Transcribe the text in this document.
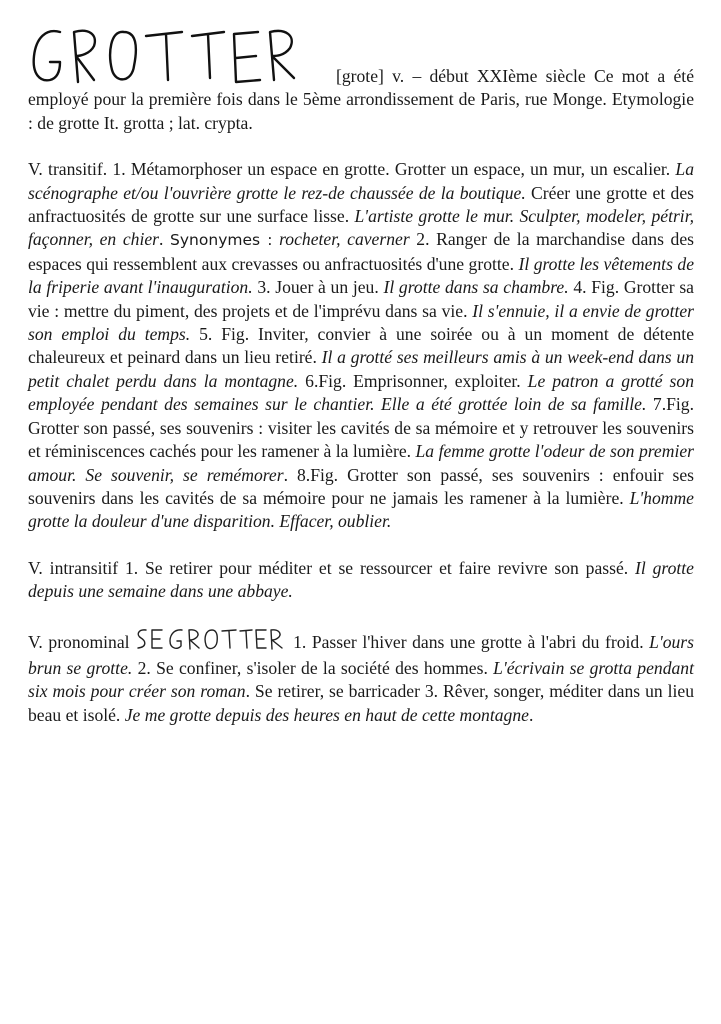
[grote] v. – début XXIème siècle Ce mot a été employé pour la première fois dans le 5ème arrondissement de Paris, rue Monge. Etymologie : de grotte It. grotta ; lat. crypta.

V. transitif. 1. Métamorphoser un espace en grotte. Grotter un espace, un mur, un escalier. La scénographe et/ou l'ouvrière grotte le rez-de chaussée de la boutique. Créer une grotte et des anfractuosités de grotte sur une surface lisse. L'artiste grotte le mur. Sculpter, modeler, pétrir, façonner, en chier. Synonymes : rocheter, caverner 2. Ranger de la marchandise dans des espaces qui ressemblent aux crevasses ou anfractuosités d'une grotte. Il grotte les vêtements de la friperie avant l'inauguration. 3. Jouer à un jeu. Il grotte dans sa chambre. 4. Fig. Grotter sa vie : mettre du piment, des projets et de l'imprévu dans sa vie. Il s'ennuie, il a envie de grotter son emploi du temps. 5. Fig. Inviter, convier à une soirée ou à un moment de détente chaleureux et peinard dans un lieu retiré. Il a grotté ses meilleurs amis à un week-end dans un petit chalet perdu dans la montagne. 6.Fig. Emprisonner, exploiter. Le patron a grotté son employée pendant des semaines sur le chantier. Elle a été grottée loin de sa famille. 7.Fig. Grotter son passé, ses souvenirs : visiter les cavités de sa mémoire et y retrouver les souvenirs et réminiscences cachés pour les ramener à la lumière. La femme grotte l'odeur de son premier amour. Se souvenir, se remémorer. 8.Fig. Grotter son passé, ses souvenirs : enfouir ses souvenirs dans les cavités de sa mémoire pour ne jamais les ramener à la lumière. L'homme grotte la douleur d'une disparition. Effacer, oublier.

V. intransitif 1. Se retirer pour méditer et se ressourcer et faire revivre son passé. Il grotte depuis une semaine dans une abbaye.

V. pronominal	1. Passer l'hiver dans une grotte à l'abri du froid. L'ours brun se grotte. 2. Se confiner, s'isoler de la société des hommes. L'écrivain se grotta pendant six mois pour créer son roman. Se retirer, se barricader 3. Rêver, songer, méditer dans un lieu beau et isolé. Je me grotte depuis des heures en haut de cette montagne.
